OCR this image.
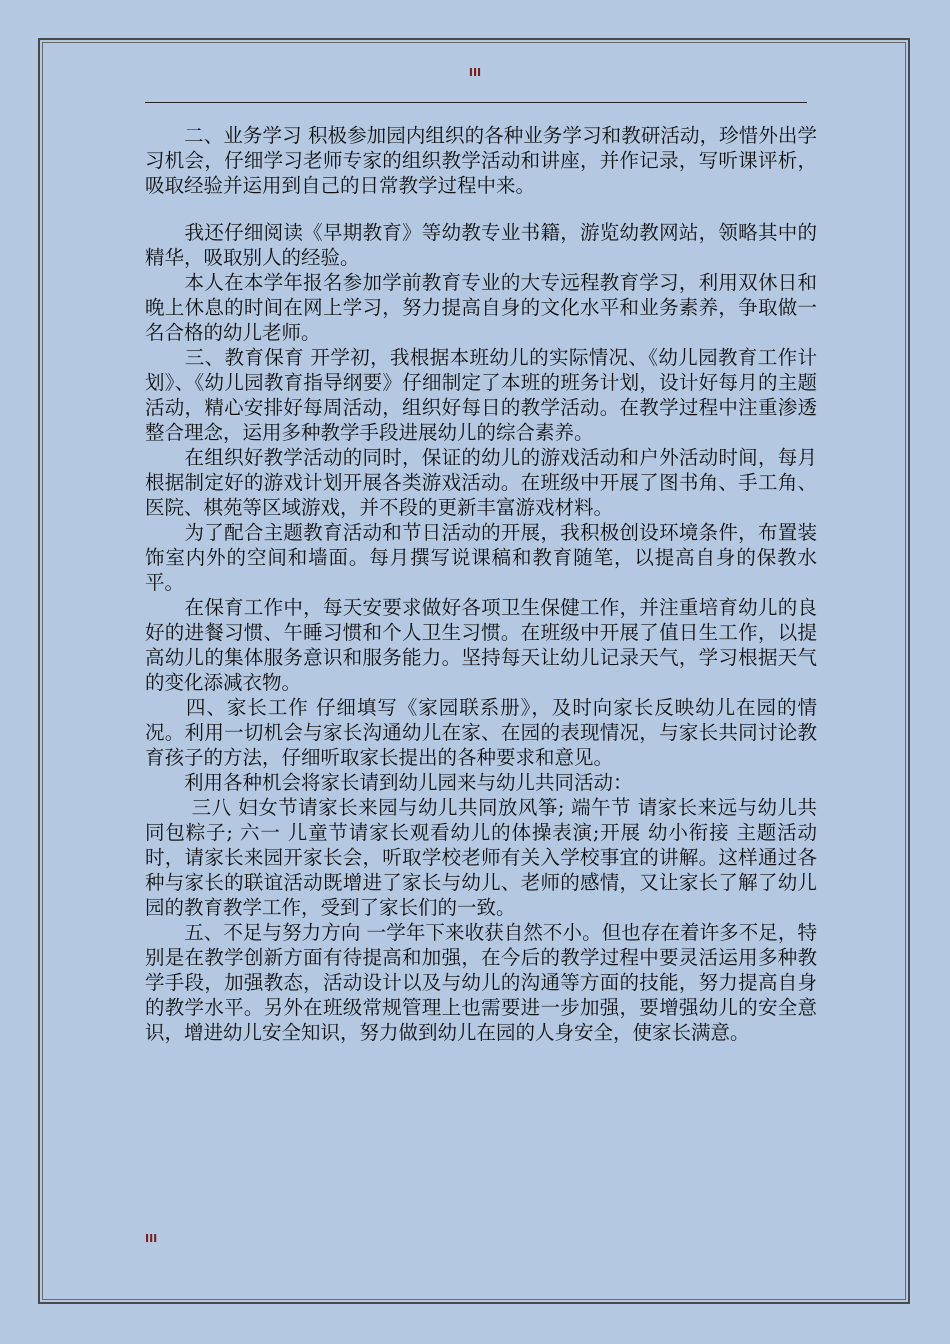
III

　　二、业务学习 积极参加园内组织的各种业务学习和教研活动，珍惜外出学习机会，仔细学习老师专家的组织教学活动和讲座，并作记录，写听课评析，吸取经验并运用到自己的日常教学过程中来。

　　我还仔细阅读《早期教育》等幼教专业书籍，游览幼教网站，领略其中的精华，吸取别人的经验。

　　本人在本学年报名参加学前教育专业的大专远程教育学习，利用双休日和晚上休息的时间在网上学习，努力提高自身的文化水平和业务素养，争取做一名合格的幼儿老师。

　　三、教育保育 开学初，我根据本班幼儿的实际情况、《幼儿园教育工作计划》、《幼儿园教育指导纲要》仔细制定了本班的班务计划，设计好每月的主题活动，精心安排好每周活动，组织好每日的教学活动。在教学过程中注重渗透整合理念，运用多种教学手段进展幼儿的综合素养。

　　在组织好教学活动的同时，保证的幼儿的游戏活动和户外活动时间，每月根据制定好的游戏计划开展各类游戏活动。在班级中开展了图书角、手工角、医院、棋苑等区域游戏，并不段的更新丰富游戏材料。

　　为了配合主题教育活动和节日活动的开展，我积极创设环境条件，布置装饰室内外的空间和墙面。每月撰写说课稿和教育随笔，以提高自身的保教水平。

　　在保育工作中，每天安要求做好各项卫生保健工作，并注重培育幼儿的良好的进餐习惯、午睡习惯和个人卫生习惯。在班级中开展了值日生工作，以提高幼儿的集体服务意识和服务能力。坚持每天让幼儿记录天气，学习根据天气的变化添减衣物。

　　四、家长工作 仔细填写《家园联系册》，及时向家长反映幼儿在园的情况。利用一切机会与家长沟通幼儿在家、在园的表现情况，与家长共同讨论教育孩子的方法，仔细听取家长提出的各种要求和意见。

　　利用各种机会将家长请到幼儿园来与幼儿共同活动：

　　 三八 妇女节请家长来园与幼儿共同放风筝; 端午节 请家长来远与幼儿共同包粽子; 六一 儿童节请家长观看幼儿的体操表演;开展 幼小衔接 主题活动时，请家长来园开家长会，听取学校老师有关入学校事宜的讲解。这样通过各种与家长的联谊活动既增进了家长与幼儿、老师的感情，又让家长了解了幼儿园的教育教学工作，受到了家长们的一致。

　　五、不足与努力方向 一学年下来收获自然不小。但也存在着许多不足，特别是在教学创新方面有待提高和加强，在今后的教学过程中要灵活运用多种教学手段，加强教态，活动设计以及与幼儿的沟通等方面的技能，努力提高自身的教学水平。另外在班级常规管理上也需要进一步加强，要增强幼儿的安全意识，增进幼儿安全知识，努力做到幼儿在园的人身安全，使家长满意。

III
